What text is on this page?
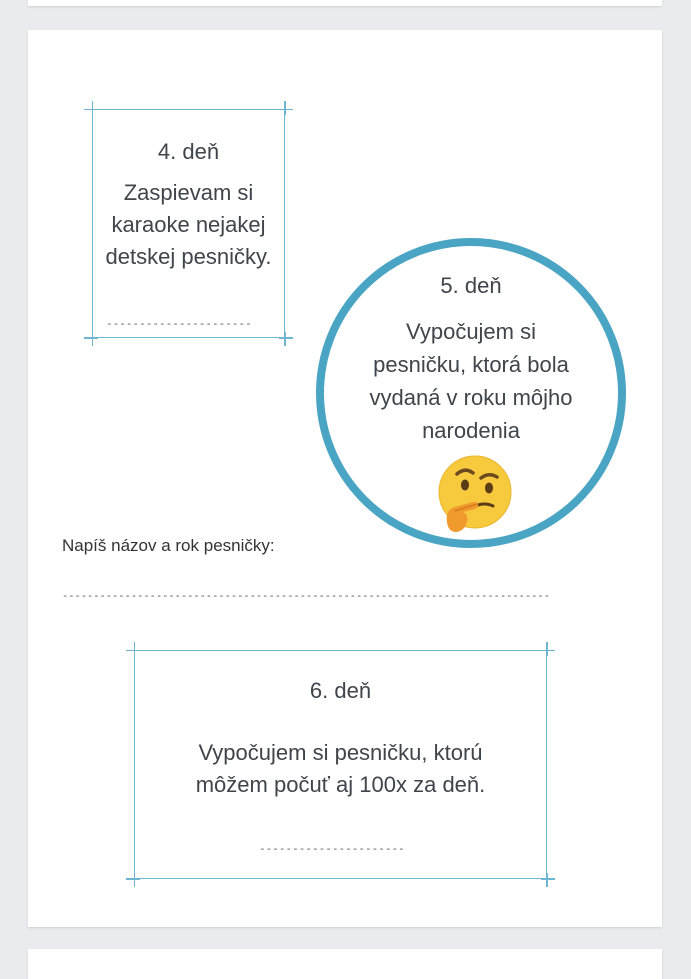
4. deň
Zaspievam si
karaoke nejakej
detskej pesničky.
----------------------
5. deň
Vypočujem si
pesničku, ktorá bola
vydaná v roku môjho
narodenia
Napíš názov a rok pesničky:
------------------------------------------------------------------------------
6. deň
Vypočujem si pesničku, ktorú
môžem počuť aj 100x za deň.
----------------------
